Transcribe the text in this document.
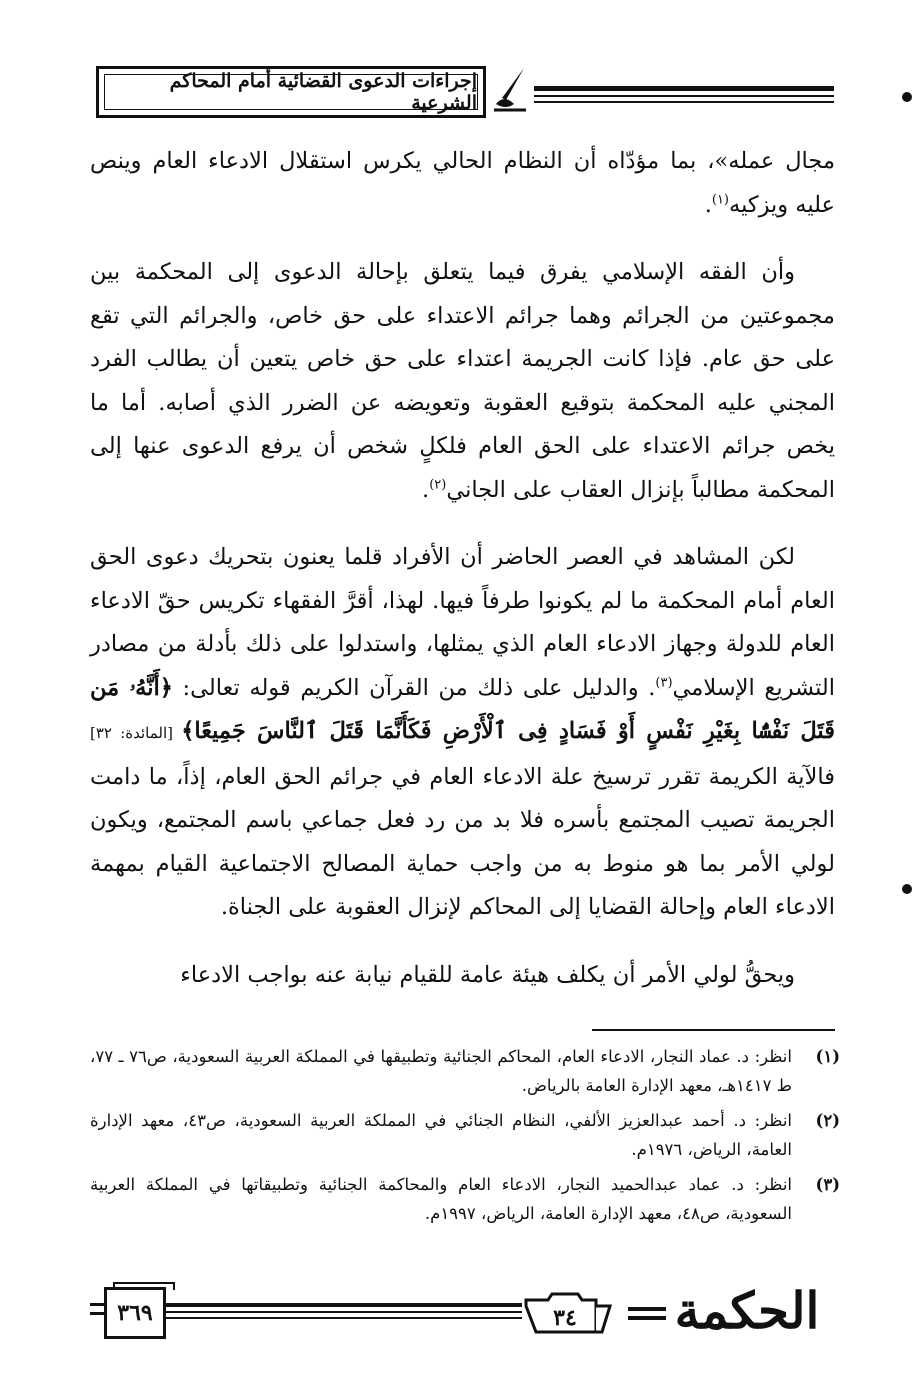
إجراءات الدعوى القضائية أمام المحاكم الشرعية

مجال عمله»، بما مؤدّاه أن النظام الحالي يكرس استقلال الادعاء العام وينص عليه ويزكيه$^{(١)}$.

وأن الفقه الإسلامي يفرق فيما يتعلق بإحالة الدعوى إلى المحكمة بين مجموعتين من الجرائم وهما جرائم الاعتداء على حق خاص، والجرائم التي تقع على حق عام. فإذا كانت الجريمة اعتداء على حق خاص يتعين أن يطالب الفرد المجني عليه المحكمة بتوقيع العقوبة وتعويضه عن الضرر الذي أصابه. أما ما يخص جرائم الاعتداء على الحق العام فلكلٍ شخص أن يرفع الدعوى عنها إلى المحكمة مطالباً بإنزال العقاب على الجاني$^{(٢)}$.

لكن المشاهد في العصر الحاضر أن الأفراد قلما يعنون بتحريك دعوى الحق العام أمام المحكمة ما لم يكونوا طرفاً فيها. لهذا، أقرَّ الفقهاء تكريس حقّ الادعاء العام للدولة وجهاز الادعاء العام الذي يمثلها، واستدلوا على ذلك بأدلة من مصادر التشريع الإسلامي$^{(٣)}$. والدليل على ذلك من القرآن الكريم قوله تعالى: ﴿أَنَّهُۥ مَن قَتَلَ نَفْسًۢا بِغَيْرِ نَفْسٍ أَوْ فَسَادٍ فِى ٱلْأَرْضِ فَكَأَنَّمَا قَتَلَ ٱلنَّاسَ جَمِيعًا﴾ [المائدة: ٣٢] فالآية الكريمة تقرر ترسيخ علة الادعاء العام في جرائم الحق العام، إذاً، ما دامت الجريمة تصيب المجتمع بأسره فلا بد من رد فعل جماعي باسم المجتمع، ويكون لولي الأمر بما هو منوط به من واجب حماية المصالح الاجتماعية القيام بمهمة الادعاء العام وإحالة القضايا إلى المحاكم لإنزال العقوبة على الجناة.

ويحقُّ لولي الأمر أن يكلف هيئة عامة للقيام نيابة عنه بواجب الادعاء

(١)
انظر: د. عماد النجار، الادعاء العام، المحاكم الجنائية وتطبيقها في المملكة العربية السعودية، ص٧٦ ـ ٧٧، ط ١٤١٧هـ، معهد الإدارة العامة بالرياض.
(٢)
انظر: د. أحمد عبدالعزيز الألفي، النظام الجنائي في المملكة العربية السعودية، ص٤٣، معهد الإدارة العامة، الرياض، ١٩٧٦م.
(٣)
انظر: د. عماد عبدالحميد النجار، الادعاء العام والمحاكمة الجنائية وتطبيقاتها في المملكة العربية السعودية، ص٤٨، معهد الإدارة العامة، الرياض، ١٩٩٧م.
٣٦٩	٣٤	الحكمة
